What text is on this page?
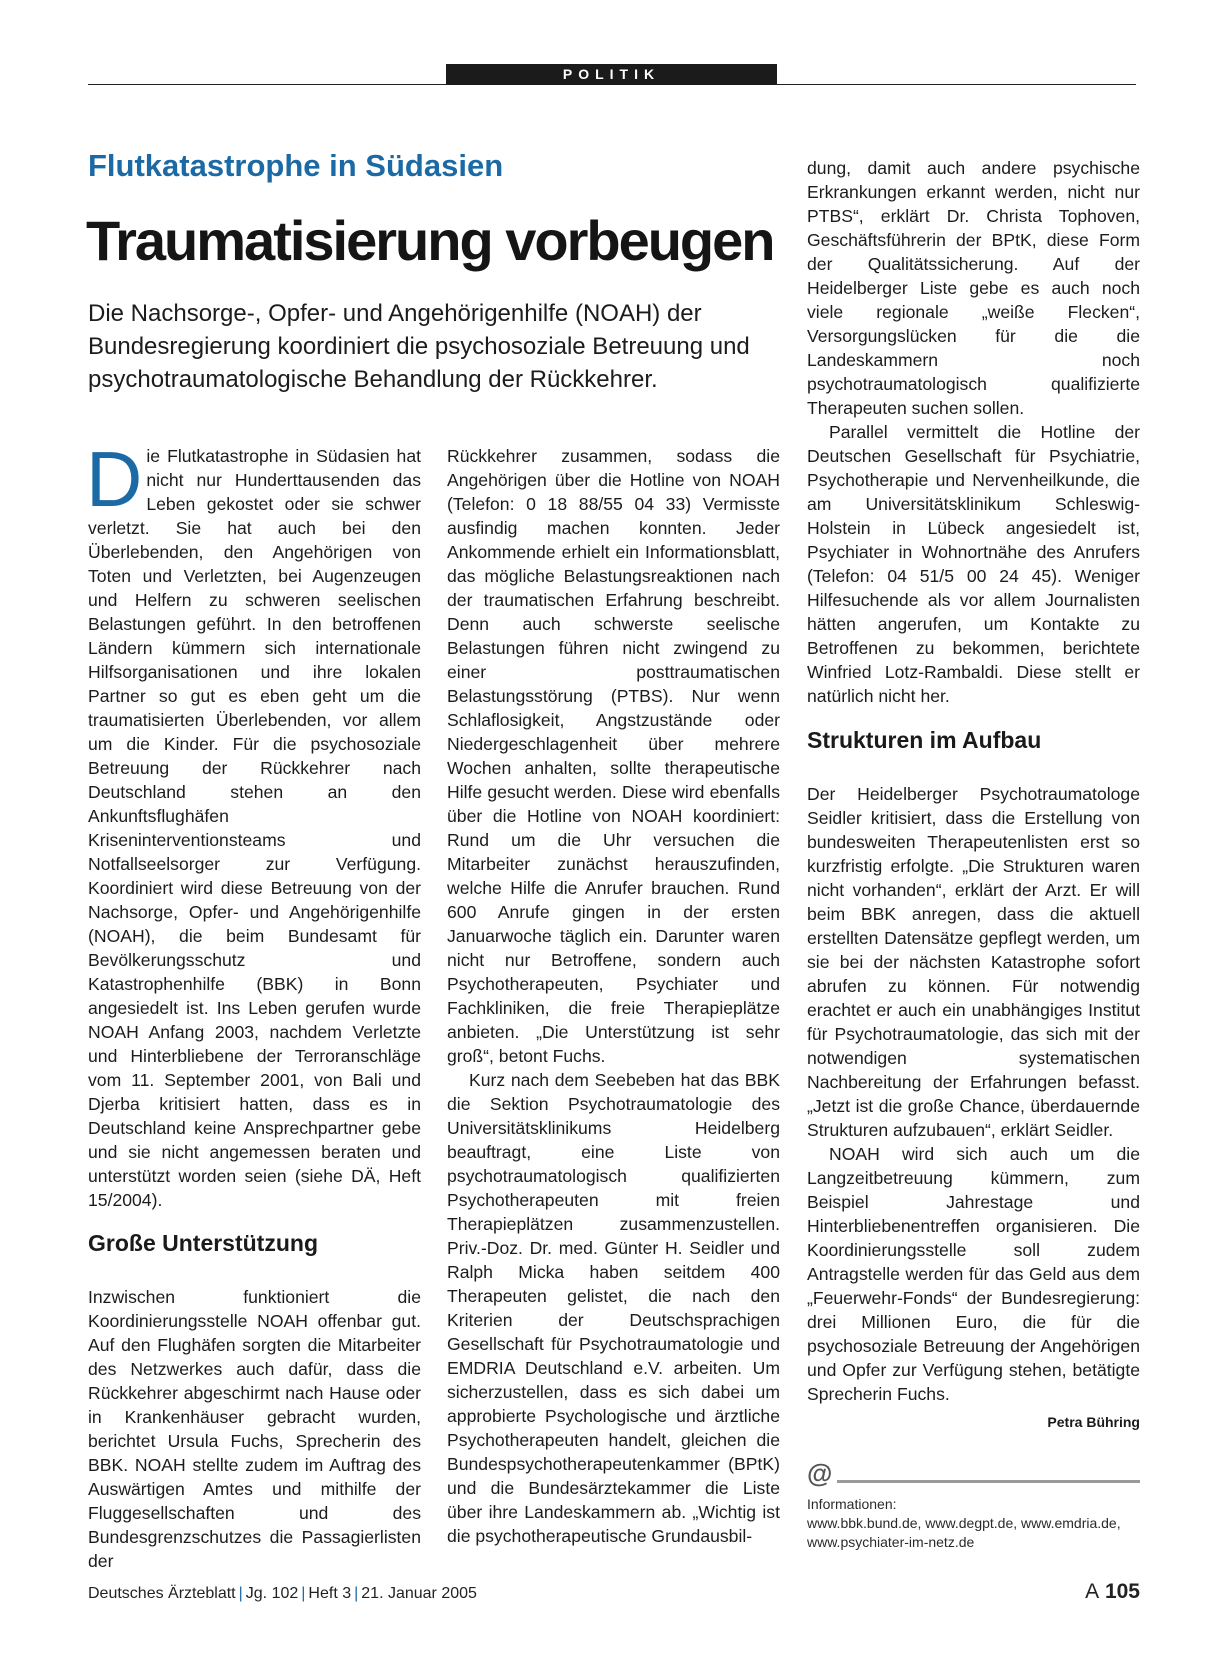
POLITIK
Flutkatastrophe in Südasien
Traumatisierung vorbeugen

Die Nachsorge-, Opfer- und Angehörigenhilfe (NOAH) der Bundesregierung koordiniert die psychosoziale Betreuung und psychotraumatologische Behandlung der Rückkehrer.

Die Flutkatastrophe in Südasien hat nicht nur Hunderttausenden das Leben gekostet oder sie schwer verletzt. Sie hat auch bei den Überlebenden, den Angehörigen von Toten und Verletzten, bei Augenzeugen und Helfern zu schweren seelischen Belastungen geführt. In den betroffenen Ländern kümmern sich internationale Hilfsorganisationen und ihre lokalen Partner so gut es eben geht um die traumatisierten Überlebenden, vor allem um die Kinder. Für die psychosoziale Betreuung der Rückkehrer nach Deutschland stehen an den Ankunftsflughäfen Kriseninterventionsteams und Notfallseelsorger zur Verfügung. Koordiniert wird diese Betreuung von der Nachsorge, Opfer- und Angehörigenhilfe (NOAH), die beim Bundesamt für Bevölkerungsschutz und Katastrophenhilfe (BBK) in Bonn angesiedelt ist. Ins Leben gerufen wurde NOAH Anfang 2003, nachdem Verletzte und Hinterbliebene der Terroranschläge vom 11. September 2001, von Bali und Djerba kritisiert hatten, dass es in Deutschland keine Ansprechpartner gebe und sie nicht angemessen beraten und unterstützt worden seien (siehe DÄ, Heft 15/2004).

Große Unterstützung

Inzwischen funktioniert die Koordinierungsstelle NOAH offenbar gut. Auf den Flughäfen sorgten die Mitarbeiter des Netzwerkes auch dafür, dass die Rückkehrer abgeschirmt nach Hause oder in Krankenhäuser gebracht wurden, berichtet Ursula Fuchs, Sprecherin des BBK. NOAH stellte zudem im Auftrag des Auswärtigen Amtes und mithilfe der Fluggesellschaften und des Bundesgrenzschutzes die Passagierlisten der

Rückkehrer zusammen, sodass die Angehörigen über die Hotline von NOAH (Telefon: 0 18 88/55 04 33) Vermisste ausfindig machen konnten. Jeder Ankommende erhielt ein Informationsblatt, das mögliche Belastungsreaktionen nach der traumatischen Erfahrung beschreibt. Denn auch schwerste seelische Belastungen führen nicht zwingend zu einer posttraumatischen Belastungsstörung (PTBS). Nur wenn Schlaflosigkeit, Angstzustände oder Niedergeschlagenheit über mehrere Wochen anhalten, sollte therapeutische Hilfe gesucht werden. Diese wird ebenfalls über die Hotline von NOAH koordiniert: Rund um die Uhr versuchen die Mitarbeiter zunächst herauszufinden, welche Hilfe die Anrufer brauchen. Rund 600 Anrufe gingen in der ersten Januarwoche täglich ein. Darunter waren nicht nur Betroffene, sondern auch Psychotherapeuten, Psychiater und Fachkliniken, die freie Therapieplätze anbieten. „Die Unterstützung ist sehr groß“, betont Fuchs.

Kurz nach dem Seebeben hat das BBK die Sektion Psychotraumatologie des Universitätsklinikums Heidelberg beauftragt, eine Liste von psychotraumatologisch qualifizierten Psychotherapeuten mit freien Therapieplätzen zusammenzustellen. Priv.-Doz. Dr. med. Günter H. Seidler und Ralph Micka haben seitdem 400 Therapeuten gelistet, die nach den Kriterien der Deutschsprachigen Gesellschaft für Psychotraumatologie und EMDRIA Deutschland e.V. arbeiten. Um sicherzustellen, dass es sich dabei um approbierte Psychologische und ärztliche Psychotherapeuten handelt, gleichen die Bundespsychotherapeutenkammer (BPtK) und die Bundesärztekammer die Liste über ihre Landeskammern ab. „Wichtig ist die psychotherapeutische Grundausbil-

dung, damit auch andere psychische Erkrankungen erkannt werden, nicht nur PTBS“, erklärt Dr. Christa Tophoven, Geschäftsführerin der BPtK, diese Form der Qualitätssicherung. Auf der Heidelberger Liste gebe es auch noch viele regionale „weiße Flecken“, Versorgungslücken für die die Landeskammern noch psychotraumatologisch qualifizierte Therapeuten suchen sollen.

Parallel vermittelt die Hotline der Deutschen Gesellschaft für Psychiatrie, Psychotherapie und Nervenheilkunde, die am Universitätsklinikum Schleswig-Holstein in Lübeck angesiedelt ist, Psychiater in Wohnortnähe des Anrufers (Telefon: 04 51/5 00 24 45). Weniger Hilfesuchende als vor allem Journalisten hätten angerufen, um Kontakte zu Betroffenen zu bekommen, berichtete Winfried Lotz-Rambaldi. Diese stellt er natürlich nicht her.

Strukturen im Aufbau

Der Heidelberger Psychotraumatologe Seidler kritisiert, dass die Erstellung von bundesweiten Therapeutenlisten erst so kurzfristig erfolgte. „Die Strukturen waren nicht vorhanden“, erklärt der Arzt. Er will beim BBK anregen, dass die aktuell erstellten Datensätze gepflegt werden, um sie bei der nächsten Katastrophe sofort abrufen zu können. Für notwendig erachtet er auch ein unabhängiges Institut für Psychotraumatologie, das sich mit der notwendigen systematischen Nachbereitung der Erfahrungen befasst. „Jetzt ist die große Chance, überdauernde Strukturen aufzubauen“, erklärt Seidler.

NOAH wird sich auch um die Langzeitbetreuung kümmern, zum Beispiel Jahrestage und Hinterbliebenentreffen organisieren. Die Koordinierungsstelle soll zudem Antragstelle werden für das Geld aus dem „Feuerwehr-Fonds“ der Bundesregierung: drei Millionen Euro, die für die psychosoziale Betreuung der Angehörigen und Opfer zur Verfügung stehen, betätigte Sprecherin Fuchs.

Petra Bühring
@
Informationen:
www.bbk.bund.de, www.degpt.de, www.emdria.de,
www.psychiater-im-netz.de
Deutsches Ärzteblatt | Jg. 102 | Heft 3 | 21. Januar 2005	A 105
